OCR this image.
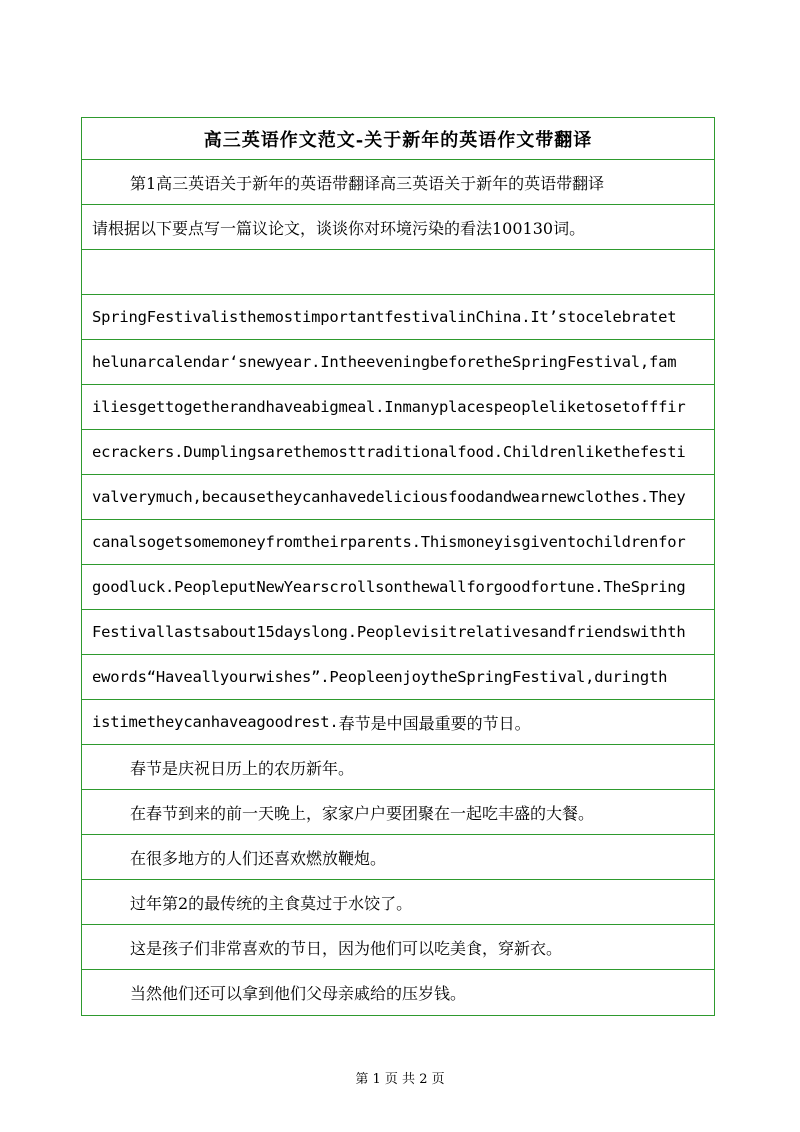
高三英语作文范文-关于新年的英语作文带翻译
第1高三英语关于新年的英语带翻译高三英语关于新年的英语带翻译
请根据以下要点写一篇议论文，谈谈你对环境污染的看法100130词。
SpringFestivalisthemostimportantfestivalinChina.It’stocelebratet
helunarcalendar‘snewyear.IntheeveningbeforetheSpringFestival,fam
iliesgettogetherandhaveabigmeal.Inmanyplacespeopleliketosetofffir
ecrackers.Dumplingsarethemosttraditionalfood.Childrenlikethefesti
valverymuch,becausetheycanhavedeliciousfoodandwearnewclothes.They
canalsogetsomemoneyfromtheirparents.Thismoneyisgiventochildrenfor
goodluck.PeopleputNewYearscrollsonthewallforgoodfortune.TheSpring
Festivallastsabout15dayslong.Peoplevisitrelativesandfriendswithth
ewords“Haveallyourwishes”.PeopleenjoytheSpringFestival,duringth
istimetheycanhaveagoodrest. 春节是中国最重要的节日。
春节是庆祝日历上的农历新年。
在春节到来的前一天晚上，家家户户要团聚在一起吃丰盛的大餐。
在很多地方的人们还喜欢燃放鞭炮。
过年第2的最传统的主食莫过于水饺了。
这是孩子们非常喜欢的节日，因为他们可以吃美食，穿新衣。
当然他们还可以拿到他们父母亲戚给的压岁钱。
第 1 页 共 2 页
